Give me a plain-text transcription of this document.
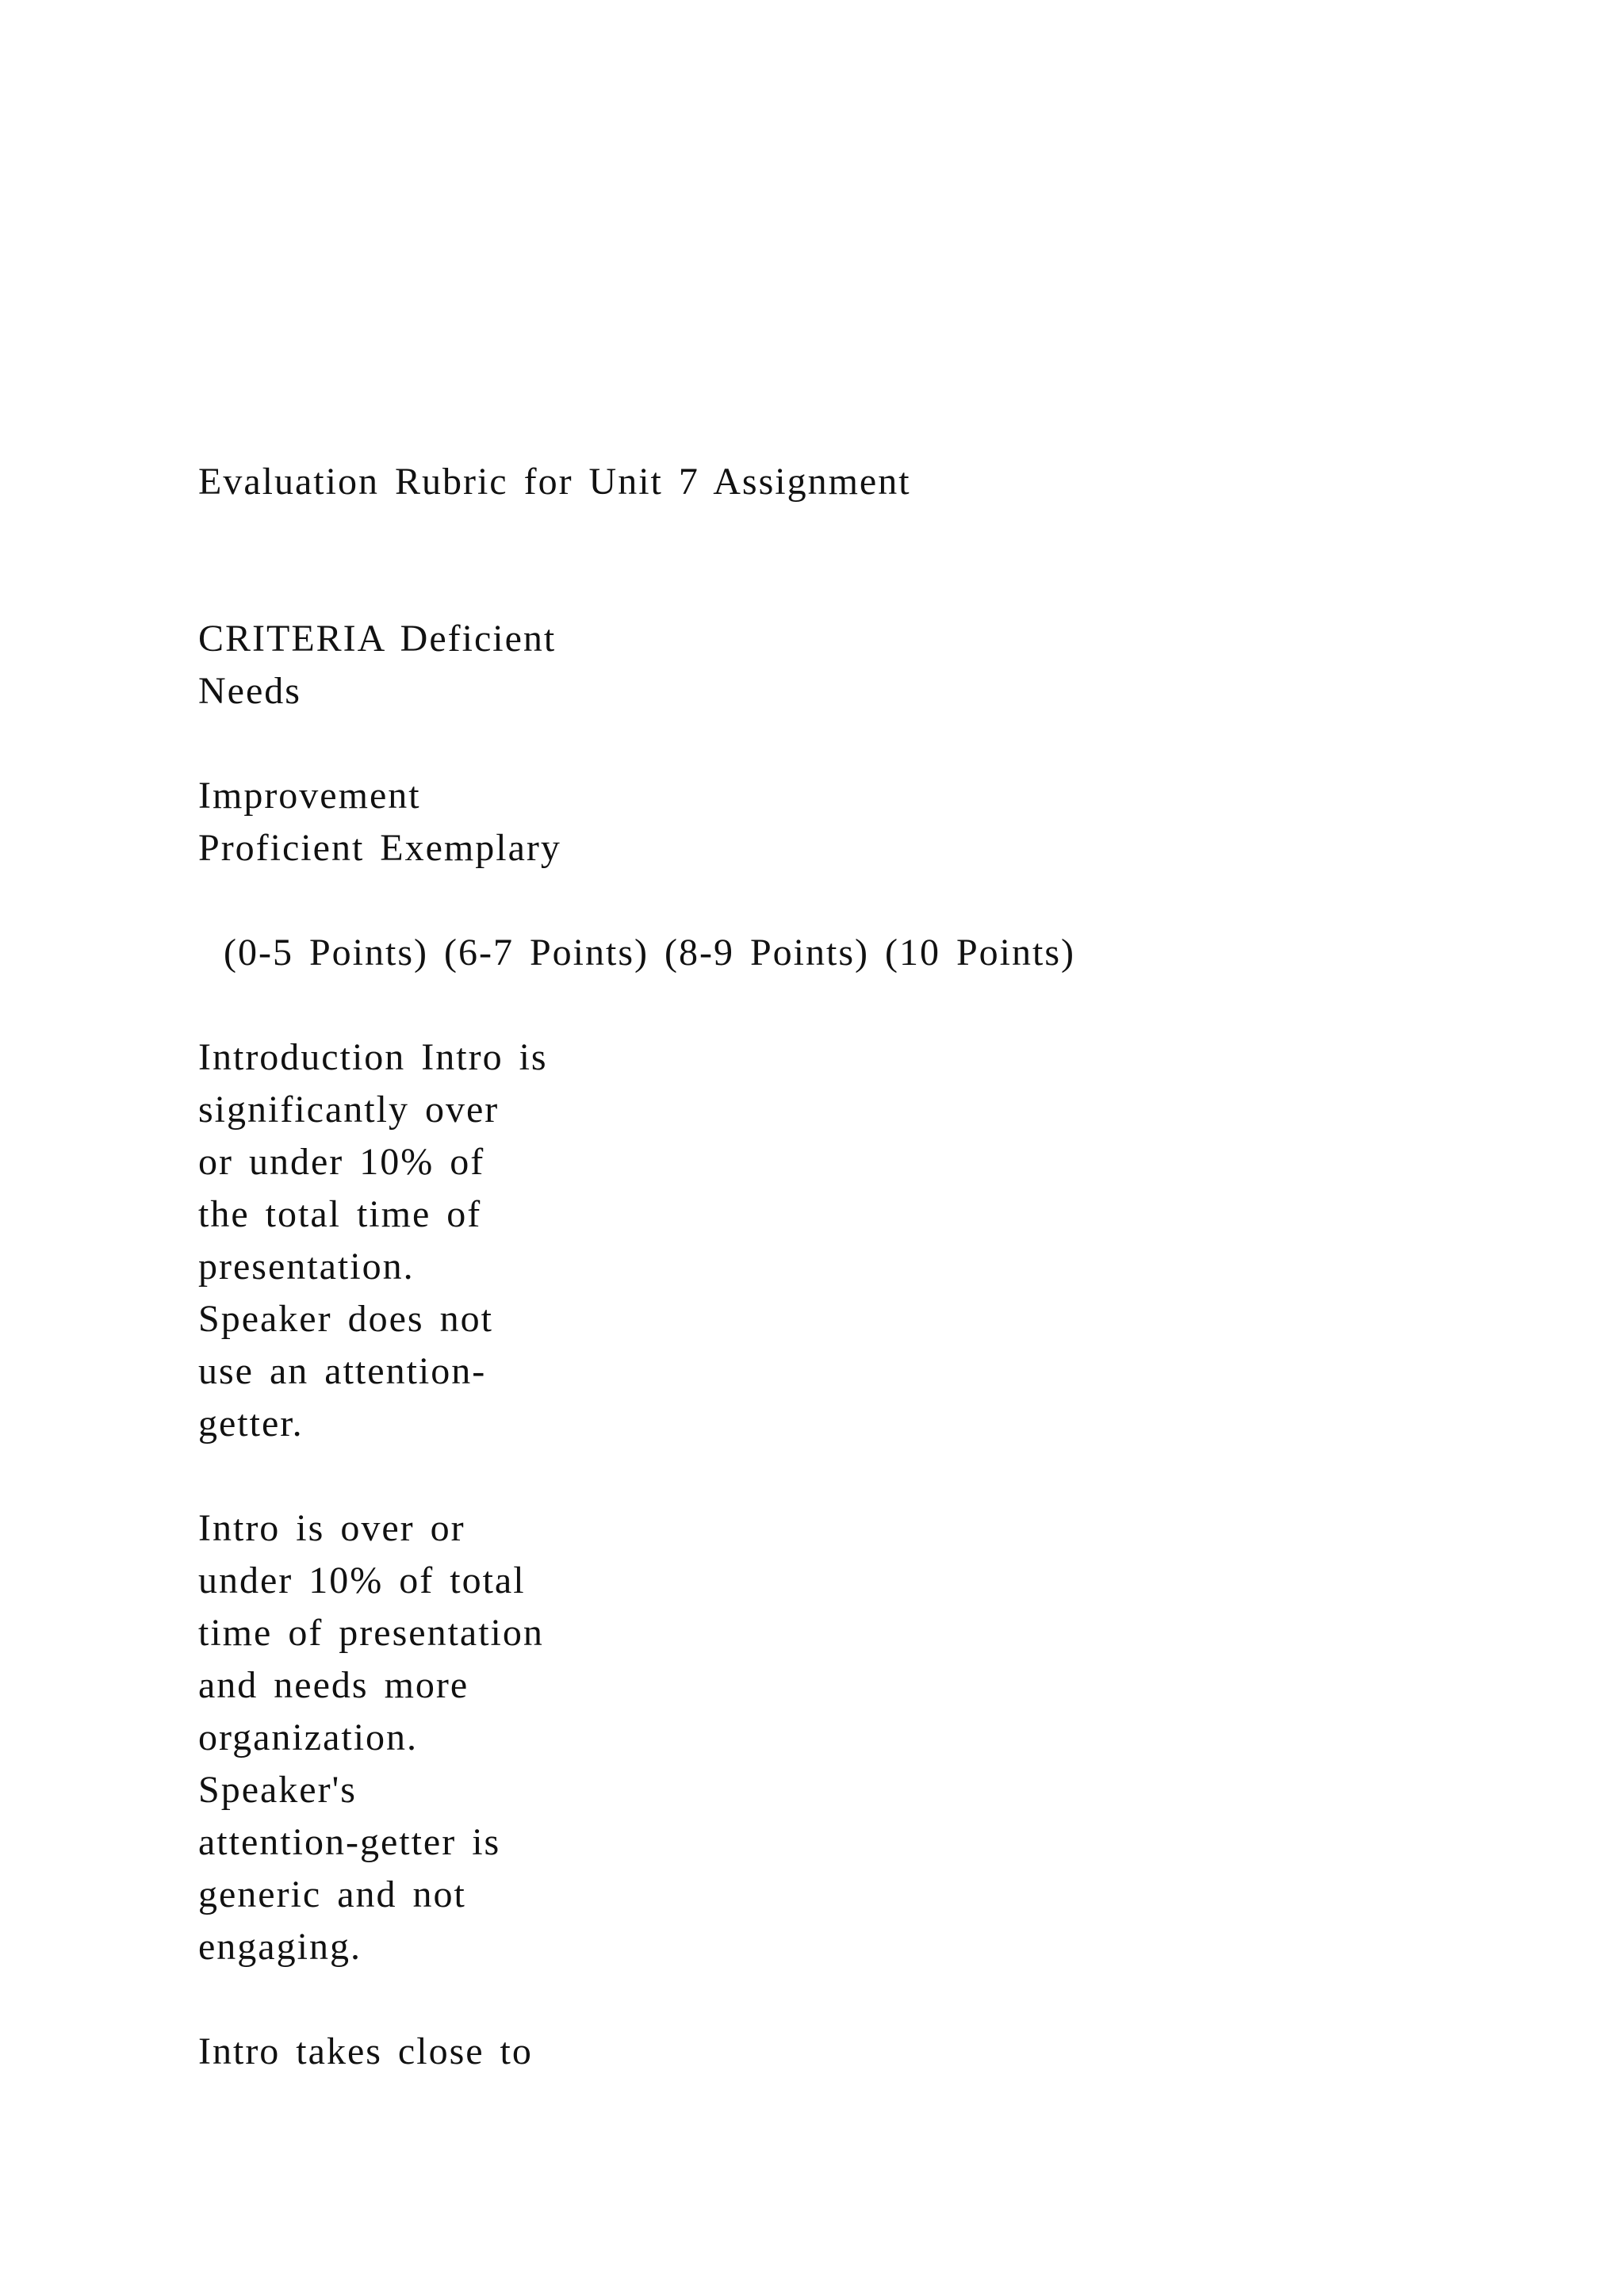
Evaluation Rubric for Unit 7 Assignment

CRITERIA Deficient

Needs

Improvement

Proficient Exemplary

(0-5 Points) (6-7 Points) (8-9 Points) (10 Points)

Introduction Intro is

significantly over

or under 10% of

the total time of

presentation.

Speaker does not

use an attention-

getter.

Intro is over or

under 10% of total

time of presentation

and needs more

organization.

Speaker's

attention-getter is

generic and not

engaging.

Intro takes close to
